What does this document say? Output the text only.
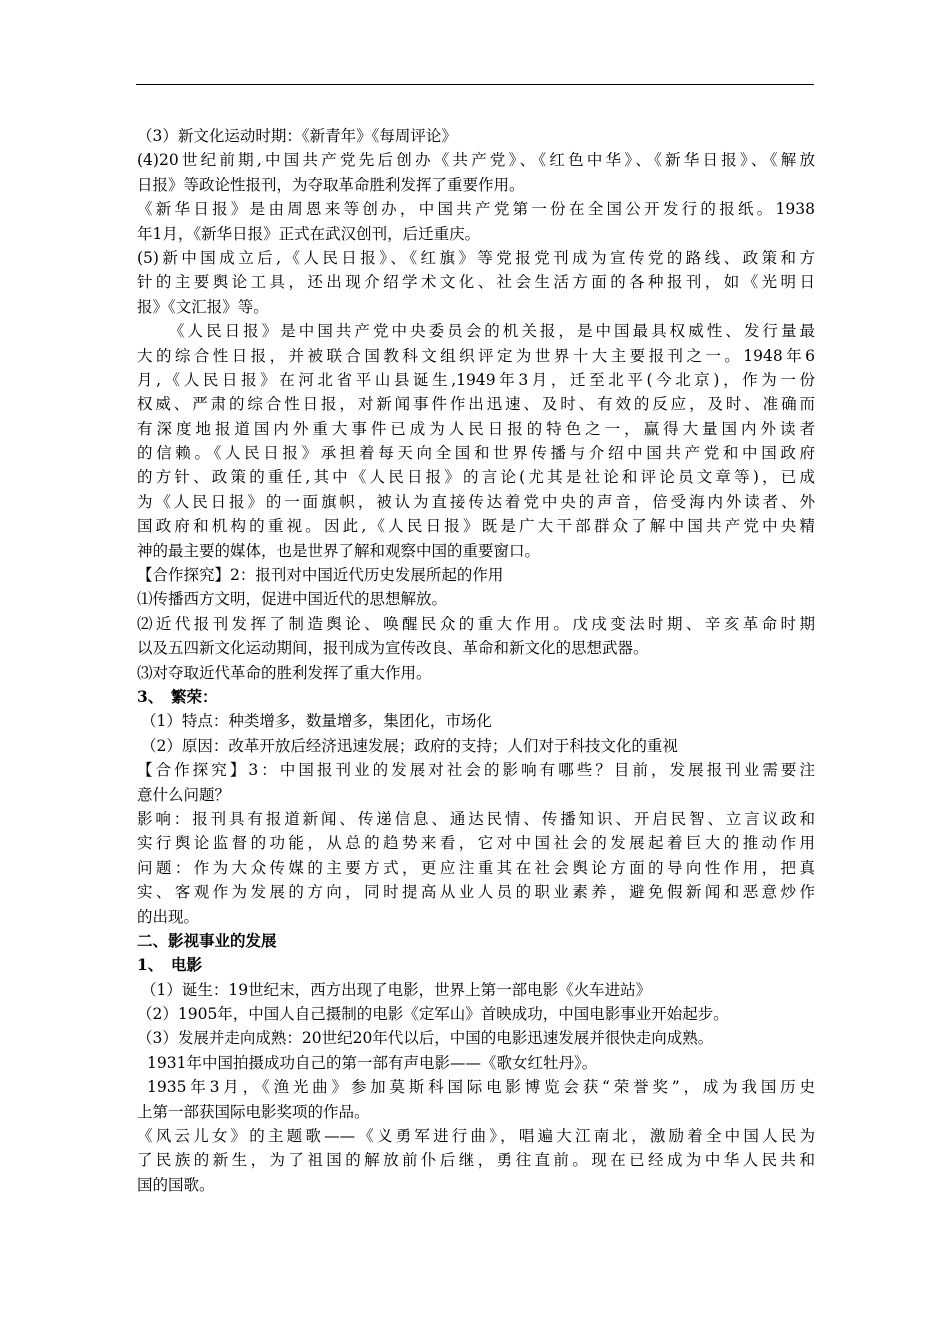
（3）新文化运动时期：《新青年》《每周评论》
(4)20世纪前期,中国共产党先后创办《共产党》、《红色中华》、《新华日报》、《解放
日报》等政论性报刊，为夺取革命胜利发挥了重要作用。
《新华日报》是由周恩来等创办，中国共产党第一份在全国公开发行的报纸。1938
年1月，《新华日报》正式在武汉创刊，后迁重庆。
(5)新中国成立后,《人民日报》、《红旗》等党报党刊成为宣传党的路线、政策和方
针的主要舆论工具，还出现介绍学术文化、社会生活方面的各种报刊，如《光明日
报》《文汇报》等。
《人民日报》是中国共产党中央委员会的机关报，是中国最具权威性、发行量最
大的综合性日报，并被联合国教科文组织评定为世界十大主要报刊之一。1948年6
月,《人民日报》在河北省平山县诞生,1949年3月，迁至北平(今北京)，作为一份
权威、严肃的综合性日报，对新闻事件作出迅速、及时、有效的反应，及时、准确而
有深度地报道国内外重大事件已成为人民日报的特色之一，赢得大量国内外读者
的信赖。《人民日报》承担着每天向全国和世界传播与介绍中国共产党和中国政府
的方针、政策的重任,其中《人民日报》的言论(尤其是社论和评论员文章等)，已成
为《人民日报》的一面旗帜，被认为直接传达着党中央的声音，倍受海内外读者、外
国政府和机构的重视。因此,《人民日报》既是广大干部群众了解中国共产党中央精
神的最主要的媒体，也是世界了解和观察中国的重要窗口。
【合作探究】2：报刊对中国近代历史发展所起的作用
⑴传播西方文明，促进中国近代的思想解放。
⑵近代报刊发挥了制造舆论、唤醒民众的重大作用。戊戌变法时期、辛亥革命时期
以及五四新文化运动期间，报刊成为宣传改良、革命和新文化的思想武器。
⑶对夺取近代革命的胜利发挥了重大作用。
3、　繁荣：
（1）特点：种类增多，数量增多，集团化，市场化
（2）原因：改革开放后经济迅速发展；政府的支持；人们对于科技文化的重视
【合作探究】3：中国报刊业的发展对社会的影响有哪些？目前，发展报刊业需要注
意什么问题？
影响：报刊具有报道新闻、传递信息、通达民情、传播知识、开启民智、立言议政和
实行舆论监督的功能，从总的趋势来看，它对中国社会的发展起着巨大的推动作用
问题：作为大众传媒的主要方式，更应注重其在社会舆论方面的导向性作用，把真
实、客观作为发展的方向，同时提高从业人员的职业素养，避免假新闻和恶意炒作
的出现。
二、影视事业的发展
1、　电影
（1）诞生：19世纪末，西方出现了电影，世界上第一部电影《火车进站》
（2）1905年，中国人自己摄制的电影《定军山》首映成功，中国电影事业开始起步。
（3）发展并走向成熟：20世纪20年代以后，中国的电影迅速发展并很快走向成熟。
1931年中国拍摄成功自己的第一部有声电影——《歌女红牡丹》。
1935年3月，《渔光曲》参加莫斯科国际电影博览会获“荣誉奖”，成为我国历史
上第一部获国际电影奖项的作品。
《风云儿女》的主题歌——《义勇军进行曲》，唱遍大江南北，激励着全中国人民为
了民族的新生，为了祖国的解放前仆后继，勇往直前。现在已经成为中华人民共和
国的国歌。
